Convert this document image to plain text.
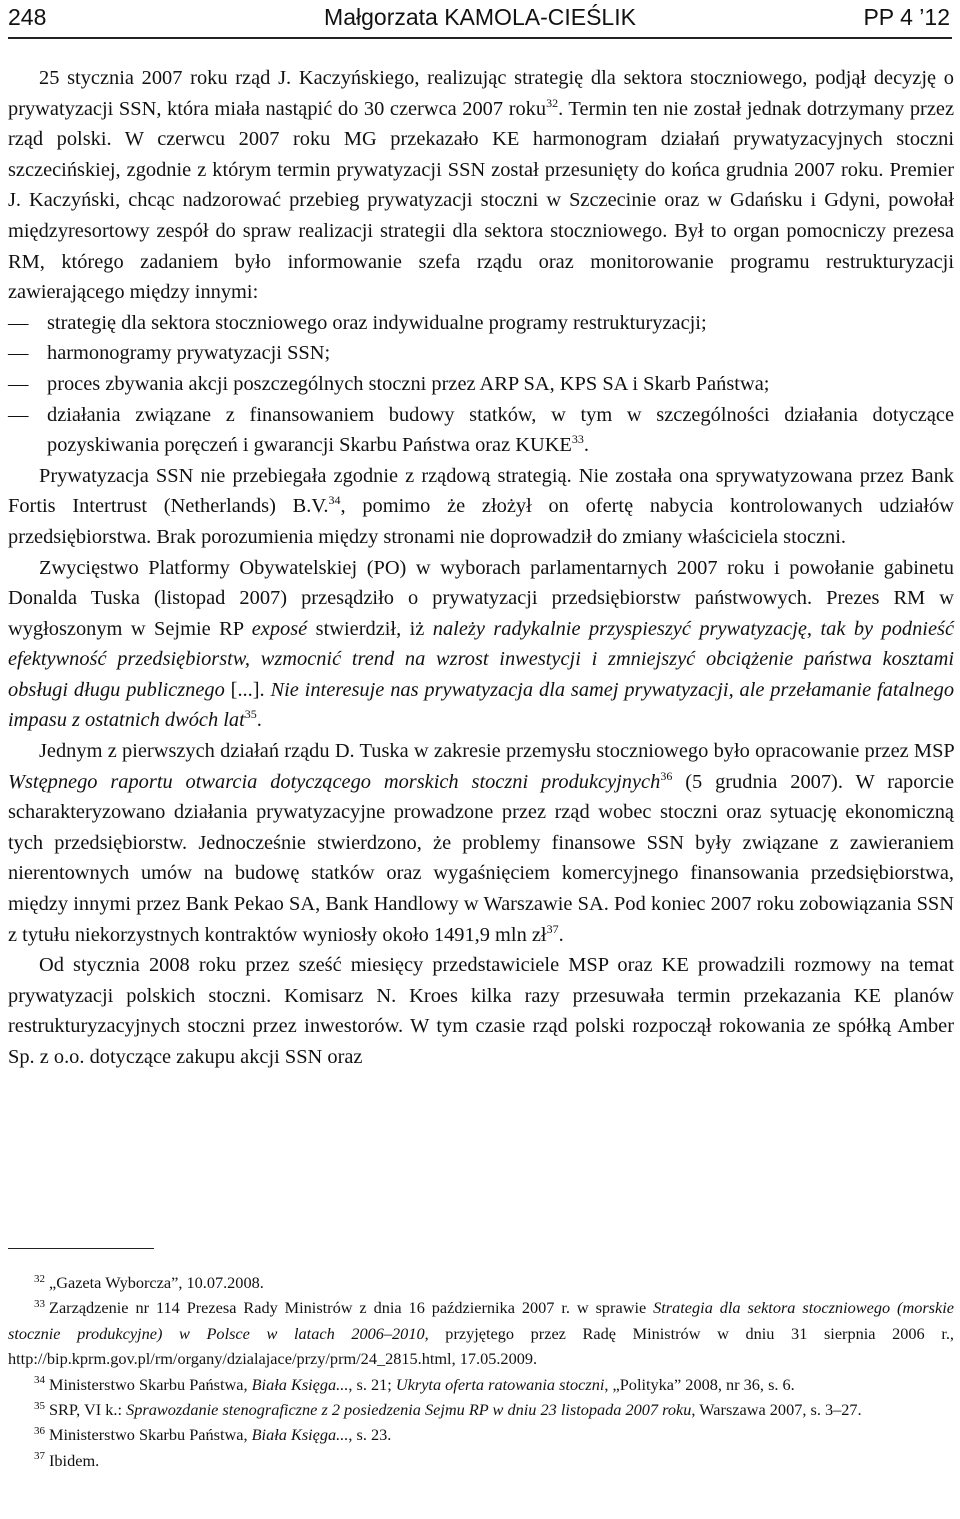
248	Małgorzata KAMOLA-CIEŚLIK	PP 4 ’12

25 stycznia 2007 roku rząd J. Kaczyńskiego, realizując strategię dla sektora stoczniowego, podjął decyzję o prywatyzacji SSN, która miała nastąpić do 30 czerwca 2007 roku$^{32}$. Termin ten nie został jednak dotrzymany przez rząd polski. W czerwcu 2007 roku MG przekazało KE harmonogram działań prywatyzacyjnych stoczni szczecińskiej, zgodnie z którym termin prywatyzacji SSN został przesunięty do końca grudnia 2007 roku. Premier J. Kaczyński, chcąc nadzorować przebieg prywatyzacji stoczni w Szczecinie oraz w Gdańsku i Gdyni, powołał międzyresortowy zespół do spraw realizacji strategii dla sektora stoczniowego. Był to organ pomocniczy prezesa RM, którego zadaniem było informowanie szefa rządu oraz monitorowanie programu restrukturyzacji zawierającego między innymi:

— strategię dla sektora stoczniowego oraz indywidualne programy restrukturyzacji;
— harmonogramy prywatyzacji SSN;
— proces zbywania akcji poszczególnych stoczni przez ARP SA, KPS SA i Skarb Państwa;
— działania związane z finansowaniem budowy statków, w tym w szczególności działania dotyczące pozyskiwania poręczeń i gwarancji Skarbu Państwa oraz KUKE$^{33}$.

Prywatyzacja SSN nie przebiegała zgodnie z rządową strategią. Nie została ona sprywatyzowana przez Bank Fortis Intertrust (Netherlands) B.V.$^{34}$, pomimo że złożył on ofertę nabycia kontrolowanych udziałów przedsiębiorstwa. Brak porozumienia między stronami nie doprowadził do zmiany właściciela stoczni.

Zwycięstwo Platformy Obywatelskiej (PO) w wyborach parlamentarnych 2007 roku i powołanie gabinetu Donalda Tuska (listopad 2007) przesądziło o prywatyzacji przedsiębiorstw państwowych. Prezes RM w wygłoszonym w Sejmie RP exposé stwierdził, iż należy radykalnie przyspieszyć prywatyzację, tak by podnieść efektywność przedsiębiorstw, wzmocnić trend na wzrost inwestycji i zmniejszyć obciążenie państwa kosztami obsługi długu publicznego [...]. Nie interesuje nas prywatyzacja dla samej prywatyzacji, ale przełamanie fatalnego impasu z ostatnich dwóch lat$^{35}$.

Jednym z pierwszych działań rządu D. Tuska w zakresie przemysłu stoczniowego było opracowanie przez MSP Wstępnego raportu otwarcia dotyczącego morskich stoczni produkcyjnych$^{36}$ (5 grudnia 2007). W raporcie scharakteryzowano działania prywatyzacyjne prowadzone przez rząd wobec stoczni oraz sytuację ekonomiczną tych przedsiębiorstw. Jednocześnie stwierdzono, że problemy finansowe SSN były związane z zawieraniem nierentownych umów na budowę statków oraz wygaśnięciem komercyjnego finansowania przedsiębiorstwa, między innymi przez Bank Pekao SA, Bank Handlowy w Warszawie SA. Pod koniec 2007 roku zobowiązania SSN z tytułu niekorzystnych kontraktów wyniosły około 1491,9 mln $zł^{37}$.

Od stycznia 2008 roku przez sześć miesięcy przedstawiciele MSP oraz KE prowadzili rozmowy na temat prywatyzacji polskich stoczni. Komisarz N. Kroes kilka razy przesuwała termin przekazania KE planów restrukturyzacyjnych stoczni przez inwestorów. W tym czasie rząd polski rozpoczął rokowania ze spółką Amber Sp. z o.o. dotyczące zakupu akcji SSN oraz

$^{32}$ „Gazeta Wyborcza”, 10.07.2008.

$^{33}$ Zarządzenie nr 114 Prezesa Rady Ministrów z dnia 16 października 2007 r. w sprawie Strategia dla sektora stoczniowego (morskie stocznie produkcyjne) w Polsce w latach 2006–2010, przyjętego przez Radę Ministrów w dniu 31 sierpnia 2006 r., http://bip.kprm.gov.pl/rm/organy/dzialajace/przy/prm/24_2815.html, 17.05.2009.

$^{34}$ Ministerstwo Skarbu Państwa, Biała Księga..., s. 21; Ukryta oferta ratowania stoczni, „Polityka” 2008, nr 36, s. 6.

$^{35}$ SRP, VI k.: Sprawozdanie stenograficzne z 2 posiedzenia Sejmu RP w dniu 23 listopada 2007 roku, Warszawa 2007, s. 3–27.

$^{36}$ Ministerstwo Skarbu Państwa, Biała Księga..., s. 23.

$^{37}$ Ibidem.
